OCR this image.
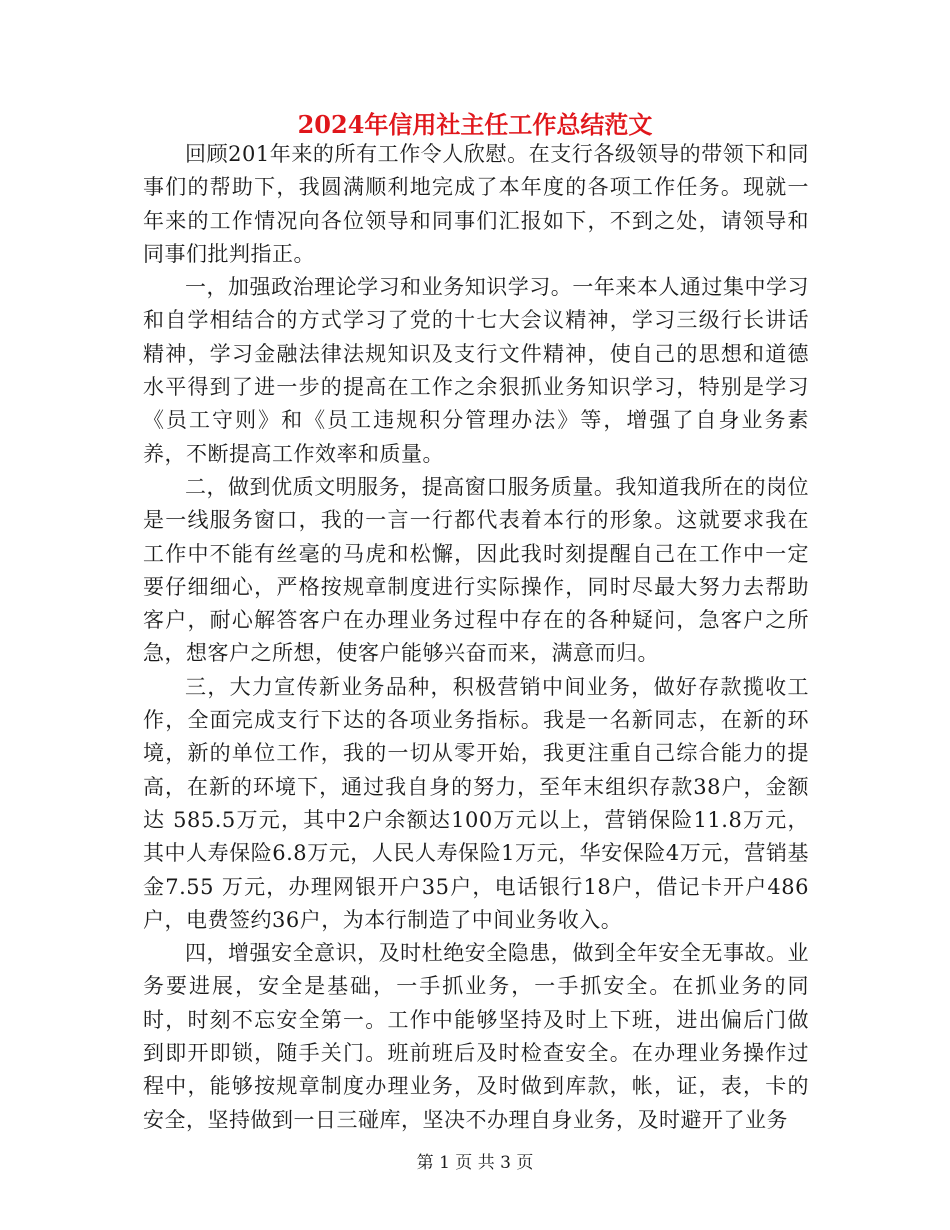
2024年信用社主任工作总结范文

回顾201年来的所有工作令人欣慰。在支行各级领导的带领下和同事们的帮助下，我圆满顺利地完成了本年度的各项工作任务。现就一年来的工作情况向各位领导和同事们汇报如下，不到之处，请领导和同事们批判指正。

一，加强政治理论学习和业务知识学习。一年来本人通过集中学习和自学相结合的方式学习了党的十七大会议精神，学习三级行长讲话精神，学习金融法律法规知识及支行文件精神，使自己的思想和道德水平得到了进一步的提高在工作之余狠抓业务知识学习，特别是学习《员工守则》和《员工违规积分管理办法》等，增强了自身业务素养，不断提高工作效率和质量。

二，做到优质文明服务，提高窗口服务质量。我知道我所在的岗位是一线服务窗口，我的一言一行都代表着本行的形象。这就要求我在工作中不能有丝毫的马虎和松懈，因此我时刻提醒自己在工作中一定要仔细细心，严格按规章制度进行实际操作，同时尽最大努力去帮助客户，耐心解答客户在办理业务过程中存在的各种疑问，急客户之所急，想客户之所想，使客户能够兴奋而来，满意而归。

三，大力宣传新业务品种，积极营销中间业务，做好存款揽收工作，全面完成支行下达的各项业务指标。我是一名新同志，在新的环境，新的单位工作，我的一切从零开始，我更注重自己综合能力的提高，在新的环境下，通过我自身的努力，至年末组织存款38户，金额达 585.5万元，其中2户余额达100万元以上，营销保险11.8万元，其中人寿保险6.8万元，人民人寿保险1万元，华安保险4万元，营销基金7.55 万元，办理网银开户35户，电话银行18户，借记卡开户486户，电费签约36户，为本行制造了中间业务收入。

四，增强安全意识，及时杜绝安全隐患，做到全年安全无事故。业务要进展，安全是基础，一手抓业务，一手抓安全。在抓业务的同时，时刻不忘安全第一。工作中能够坚持及时上下班，进出偏后门做到即开即锁，随手关门。班前班后及时检查安全。在办理业务操作过程中，能够按规章制度办理业务，及时做到库款，帐，证，表，卡的安全，坚持做到一日三碰库，坚决不办理自身业务，及时避开了业务

第 1 页 共 3 页
